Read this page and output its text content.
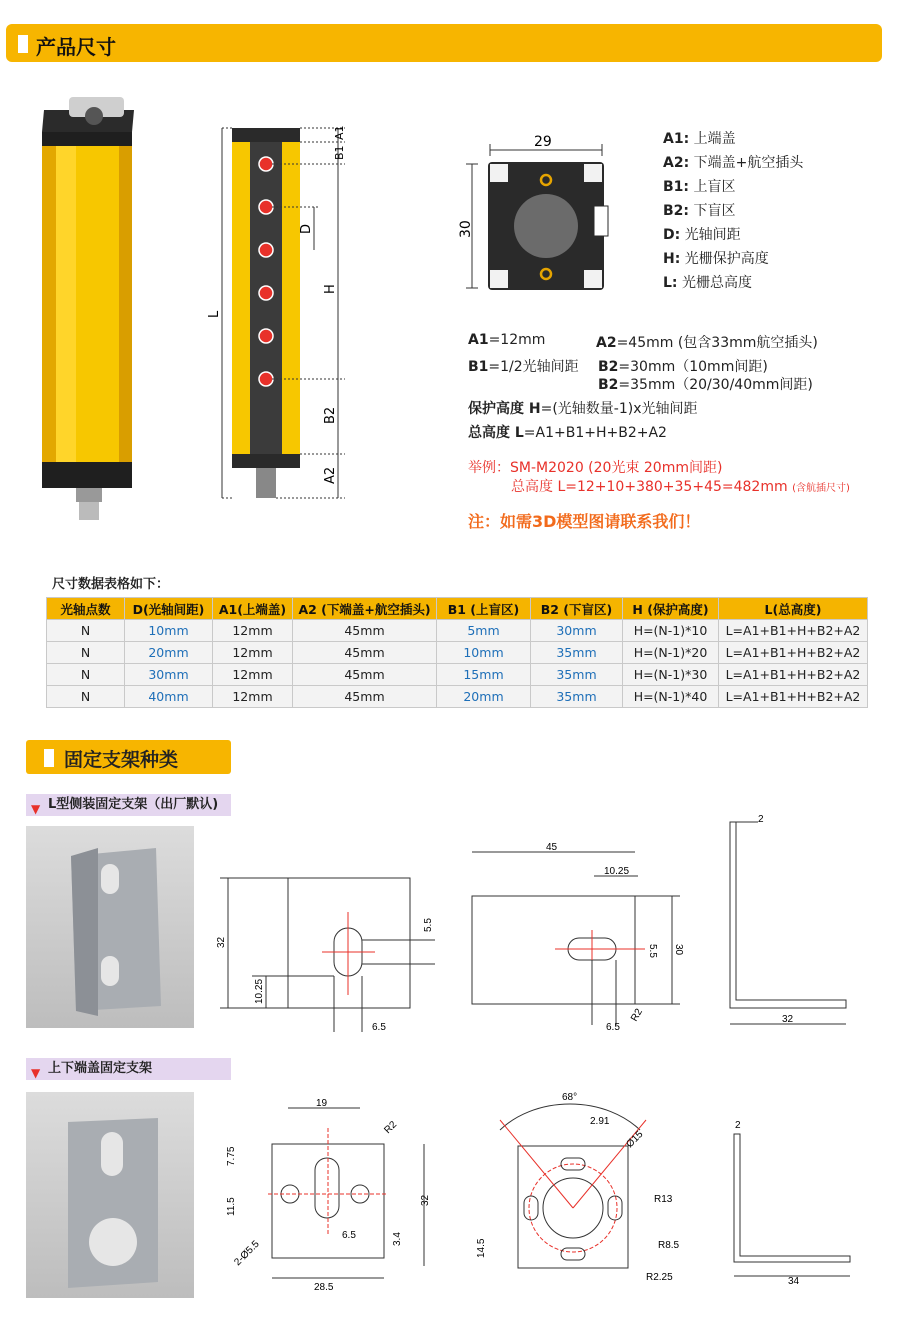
产品尺寸
L
A1
B1
D
H
B2
A2
29
30
A1: 上端盖
A2: 下端盖+航空插头
B1: 上盲区
B2: 下盲区
D: 光轴间距
H: 光栅保护高度
L: 光栅总高度
A1=12mm	A2=45mm (包含33mm航空插头)
B1=1/2光轴间距 B2=30mm（10mm间距)
B2=35mm（20/30/40mm间距)
保护高度 H=(光轴数量-1)x光轴间距
总高度 L=A1+B1+H+B2+A2
举例：SM-M2020 (20光束 20mm间距)
总高度 L=12+10+380+35+45=482mm (含航插尺寸)
注：如需3D模型图请联系我们！
尺寸数据表格如下：
光轴点数	D(光轴间距)	A1(上端盖)	A2 (下端盖+航空插头)	B1 (上盲区)	B2 (下盲区)	H (保护高度)	L(总高度)
N	10mm	12mm	45mm	5mm	30mm	H=(N-1)*10	L=A1+B1+H+B2+A2
N	20mm	12mm	45mm	10mm	35mm	H=(N-1)*20	L=A1+B1+H+B2+A2
N	30mm	12mm	45mm	15mm	35mm	H=(N-1)*30	L=A1+B1+H+B2+A2
N	40mm	12mm	45mm	20mm	35mm	H=(N-1)*40	L=A1+B1+H+B2+A2
固定支架种类
▼ L型侧装固定支架（出厂默认)
32
5.5
10.25
6.5
45
10.25
30
5.5
6.5
R2
2
32
▼ 上下端盖固定支架
19
R2
7.75
11.5
6.5	3.4
2-Ø5.5
28.5
32
68°
2.91
Ø15
R13
R8.5
R2.25
14.5
2
34
